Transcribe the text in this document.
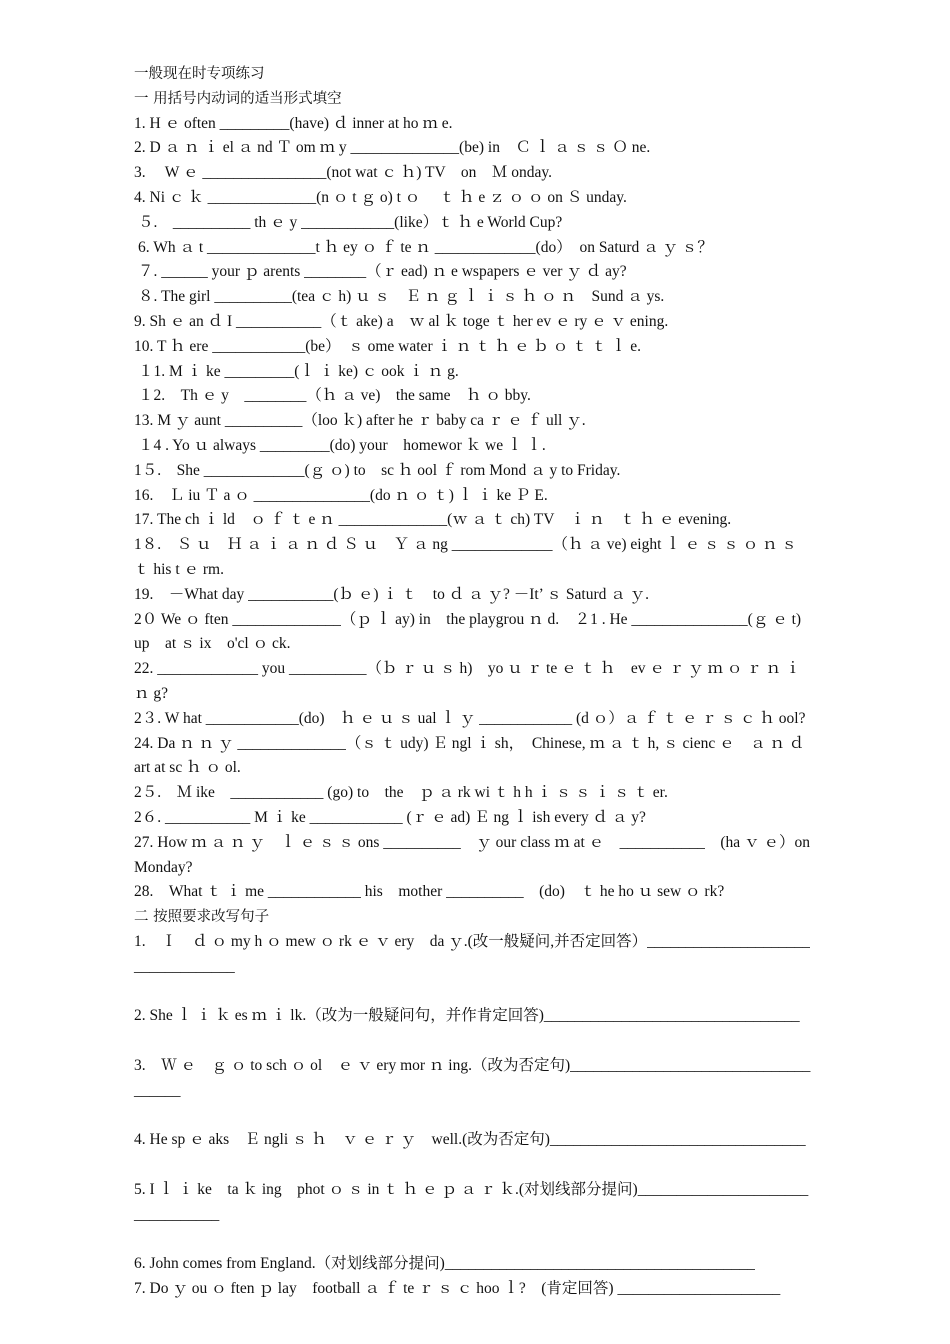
一般现在时专项练习
一 用括号内动词的适当形式填空
1. H ｅ often _________(have) ｄ inner at ho ｍ e.
2. D ａ ｎ ｉ el ａ nd Ｔ om ｍ y ______________(be) in　Ｃ ｌ ａ ｓ ｓ Ｏ ne.
3.　 W ｅ ________________(not wat ｃ ｈ) TV　on　Ｍ onday.
4. Ni ｃ ｋ ______________(n ｏ t ｇ o) t ｏ　 ｔ ｈ e ｚ ｏ ｏ on Ｓ unday.
５.　__________ th ｅ y ____________(like）ｔ ｈ e World Cup?
6. Wh ａ t ______________t ｈ ey ｏ ｆ te ｎ _____________(do）　on Saturd ａ ｙ ｓ？
７. ______ your ｐ arents ________（ｒ ead) ｎ e wspapers ｅ ver ｙ ｄ ay?
８. The girl __________(tea ｃ h) ｕ ｓ　Ｅ ｎ ｇ ｌ ｉ ｓ ｈ ｏ ｎ　Sund ａ ys.
9. Sh ｅ an ｄ I ___________（ｔ ake) a　ｗ al ｋ toge ｔ her ev ｅ ry ｅ ｖ ening.
10. T ｈ ere ____________(be）　ｓ ome water ｉ ｎ ｔ ｈ ｅ ｂ ｏ ｔ ｔ ｌ e.
１1. M ｉ ke _________(ｌ ｉ ke) ｃ ook ｉ ｎ g.
１2.　Th ｅ y　________（ｈ ａ ve)　the same　ｈ ｏ bby.
13. M ｙ aunt __________（loo ｋ) after he ｒ baby ca ｒ ｅ ｆ ull ｙ.
１4 . Yo ｕ always _________(do) your　homewor ｋ we ｌ ｌ.
1５.　She _____________(ｇ ｏ) to　sc ｈ ool ｆ rom Mond ａ y to Friday.
16.　Ｌ iu Ｔ a ｏ _______________(do ｎ ｏ ｔ) ｌ ｉ ke Ｐ E.
17. The ch ｉ ld　ｏ ｆ ｔ e ｎ ______________(ｗ ａ ｔ ch) TV　ｉ ｎ　ｔ ｈ ｅ evening.
1８.　Ｓ ｕ　Ｈ ａ ｉ ａ ｎ ｄ Ｓ ｕ　Ｙ ａ ng _____________（ｈ ａ ve) eight ｌ ｅ ｓ ｓ ｏ ｎ ｓ ｔ his t ｅ rm.
19.　－What day ___________(ｂ ｅ) ｉ ｔ　to ｄ ａ ｙ? －It’ ｓ Saturd ａ ｙ.
2０ We ｏ ften ______________（ｐ ｌ ay) in　the playgrou ｎ d.　２1 . He _______________(ｇ ｅ t) up　at ｓ ix　o'cl ｏ ck.
22. _____________ you __________（ｂ ｒ ｕ ｓ h)　yo ｕ ｒ te ｅ ｔ ｈ　ev ｅ ｒ ｙ ｍ ｏ ｒ ｎ ｉ ｎ g?
2３. W hat ____________(do)　ｈ ｅ ｕ ｓ ual ｌ ｙ ____________ (d ｏ）ａ ｆ ｔ ｅ ｒ ｓ ｃ ｈ ool?
24. Da ｎ ｎ ｙ ______________（ｓ ｔ udy) Ｅ ngl ｉ sh，　Chinese, ｍ ａ ｔ h, ｓ cienc ｅ　ａ ｎ ｄ art at sc ｈ ｏ ol.
2５.　Ｍ ike　____________ (go) to　the　ｐ ａ rk wi ｔ h h ｉ ｓ ｓ ｉ ｓ ｔ er.
2６. ___________ M ｉ ke ____________ (ｒ ｅ ad) Ｅ ng ｌ ish every ｄ ａ y?
27. How ｍ ａ ｎ ｙ　ｌ ｅ ｓ ｓ ons __________　ｙ our class ｍ at ｅ　___________　(ha ｖ ｅ）on Monday?
28.　What ｔ ｉ me ____________ his　mother __________　(do)　ｔ he ho ｕ sew ｏ rk?
二 按照要求改写句子
1.　Ｉ　ｄ ｏ my h ｏ mew ｏ rk ｅ ｖ ery　da ｙ.(改一般疑问,并否定回答）__________________________________
2. She ｌ ｉ ｋ es ｍ ｉ lk.（改为一般疑问句，并作肯定回答)_________________________________
3.　Ｗ ｅ　ｇ ｏ to sch ｏ ol　ｅ ｖ ery mor ｎ ing.（改为否定句)_____________________________________
4. He sp ｅ aks　Ｅ ngli ｓ ｈ　ｖ ｅ ｒ ｙ　well.(改为否定句)_________________________________
5. I ｌ ｉ ke　ta ｋ ing　phot ｏ ｓ in ｔ ｈ ｅ ｐ ａ ｒ ｋ.(对划线部分提问)_________________________________
6. John comes from England.（对划线部分提问)________________________________________
7. Do ｙ ou ｏ ften ｐ lay　football ａ ｆ te ｒ ｓ ｃ hoo ｌ?　(肯定回答) _____________________
